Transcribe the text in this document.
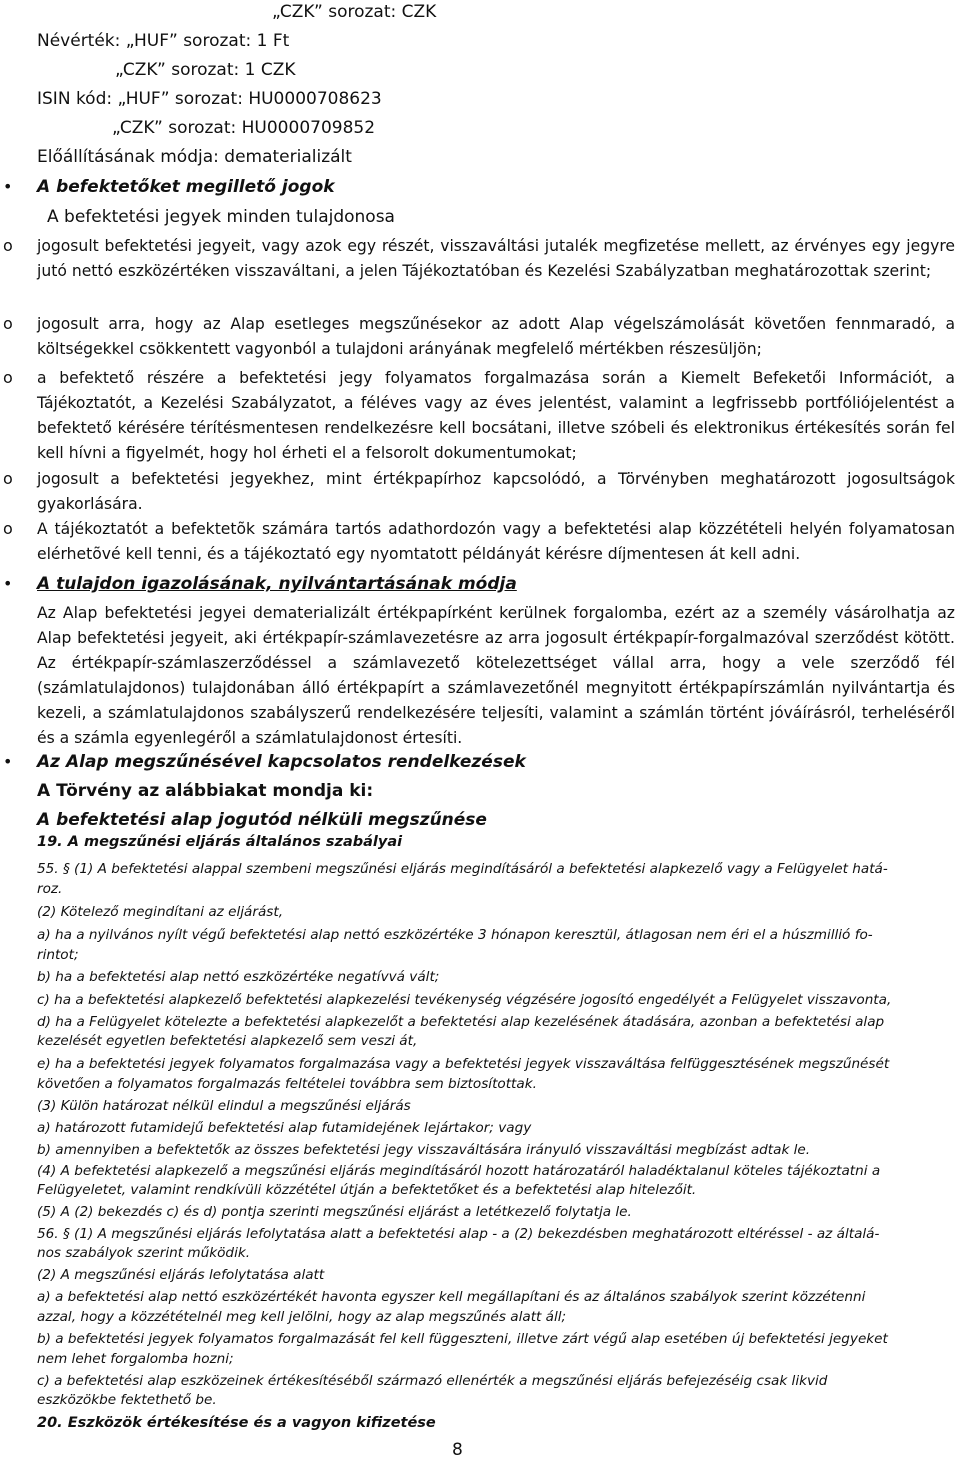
„CZK” sorozat: CZK
Névérték: „HUF” sorozat: 1 Ft
„CZK” sorozat: 1 CZK
ISIN kód: „HUF” sorozat: HU0000708623
„CZK” sorozat: HU0000709852
Előállításának módja: dematerializált
• A befektetőket megillető jogok
A befektetési jegyek minden tulajdonosa
o jogosult befektetési jegyeit, vagy azok egy részét, visszaváltási jutalék megfizetése mellett, az érvényes egy jegyre jutó nettó eszközértéken visszaváltani, a jelen Tájékoztatóban és Kezelési Szabályzatban meghatározottak szerint;
o jogosult arra, hogy az Alap esetleges megszűnésekor az adott Alap végelszámolását követően fennmaradó, a költségekkel csökkentett vagyonból a tulajdoni arányának megfelelő mértékben részesüljön;
o a befektető részére a befektetési jegy folyamatos forgalmazása során a Kiemelt Befeketői Információt, a Tájékoztatót, a Kezelési Szabályzatot, a féléves vagy az éves jelentést, valamint a legfrissebb portfóliójelentést a befektető kérésére térítésmentesen rendelkezésre kell bocsátani, illetve szóbeli és elektronikus értékesítés során fel kell hívni a figyelmét, hogy hol érheti el a felsorolt dokumentumokat;
o jogosult a befektetési jegyekhez, mint értékpapírhoz kapcsolódó, a Törvényben meghatározott jogosultságok gyakorlására.
o A tájékoztatót a befektetõk számára tartós adathordozón vagy a befektetési alap közzétételi helyén folyamatosan elérhetõvé kell tenni, és a tájékoztató egy nyomtatott példányát kérésre díjmentesen át kell adni.
• A tulajdon igazolásának, nyilvántartásának módja
Az Alap befektetési jegyei dematerializált értékpapírként kerülnek forgalomba, ezért az a személy vásárolhatja az Alap befektetési jegyeit, aki értékpapír-számlavezetésre az arra jogosult értékpapír-forgalmazóval szerződést kötött. Az értékpapír-számlaszerződéssel a számlavezető kötelezettséget vállal arra, hogy a vele szerződő fél (számlatulajdonos) tulajdonában álló értékpapírt a számlavezetőnél megnyitott értékpapírszámlán nyilvántartja és kezeli, a számlatulajdonos szabályszerű rendelkezésére teljesíti, valamint a számlán történt jóváírásról, terheléséről és a számla egyenlegéről a számlatulajdonost értesíti.
• Az Alap megszűnésével kapcsolatos rendelkezések
A Törvény az alábbiakat mondja ki:
A befektetési alap jogutód nélküli megszűnése
19. A megszűnési eljárás általános szabályai
55. § (1) A befektetési alappal szembeni megszűnési eljárás megindításáról a befektetési alapkezelő vagy a Felügyelet hatá-
roz.
(2) Kötelező megindítani az eljárást,
a) ha a nyilvános nyílt végű befektetési alap nettó eszközértéke 3 hónapon keresztül, átlagosan nem éri el a húszmillió fo-
rintot;
b) ha a befektetési alap nettó eszközértéke negatívvá vált;
c) ha a befektetési alapkezelő befektetési alapkezelési tevékenység végzésére jogosító engedélyét a Felügyelet visszavonta,
d) ha a Felügyelet kötelezte a befektetési alapkezelőt a befektetési alap kezelésének átadására, azonban a befektetési alap
kezelését egyetlen befektetési alapkezelő sem veszi át,
e) ha a befektetési jegyek folyamatos forgalmazása vagy a befektetési jegyek visszaváltása felfüggesztésének megszűnését
követően a folyamatos forgalmazás feltételei továbbra sem biztosítottak.
(3) Külön határozat nélkül elindul a megszűnési eljárás
a) határozott futamidejű befektetési alap futamidejének lejártakor; vagy
b) amennyiben a befektetők az összes befektetési jegy visszaváltására irányuló visszaváltási megbízást adtak le.
(4) A befektetési alapkezelő a megszűnési eljárás megindításáról hozott határozatáról haladéktalanul köteles tájékoztatni a
Felügyeletet, valamint rendkívüli közzététel útján a befektetőket és a befektetési alap hitelezőit.
(5) A (2) bekezdés c) és d) pontja szerinti megszűnési eljárást a letétkezelő folytatja le.
56. § (1) A megszűnési eljárás lefolytatása alatt a befektetési alap - a (2) bekezdésben meghatározott eltéréssel - az általá-
nos szabályok szerint működik.
(2) A megszűnési eljárás lefolytatása alatt
a) a befektetési alap nettó eszközértékét havonta egyszer kell megállapítani és az általános szabályok szerint közzétenni
azzal, hogy a közzétételnél meg kell jelölni, hogy az alap megszűnés alatt áll;
b) a befektetési jegyek folyamatos forgalmazását fel kell függeszteni, illetve zárt végű alap esetében új befektetési jegyeket
nem lehet forgalomba hozni;
c) a befektetési alap eszközeinek értékesítéséből származó ellenérték a megszűnési eljárás befejezéséig csak likvid
eszközökbe fektethető be.
20. Eszközök értékesítése és a vagyon kifizetése
8
